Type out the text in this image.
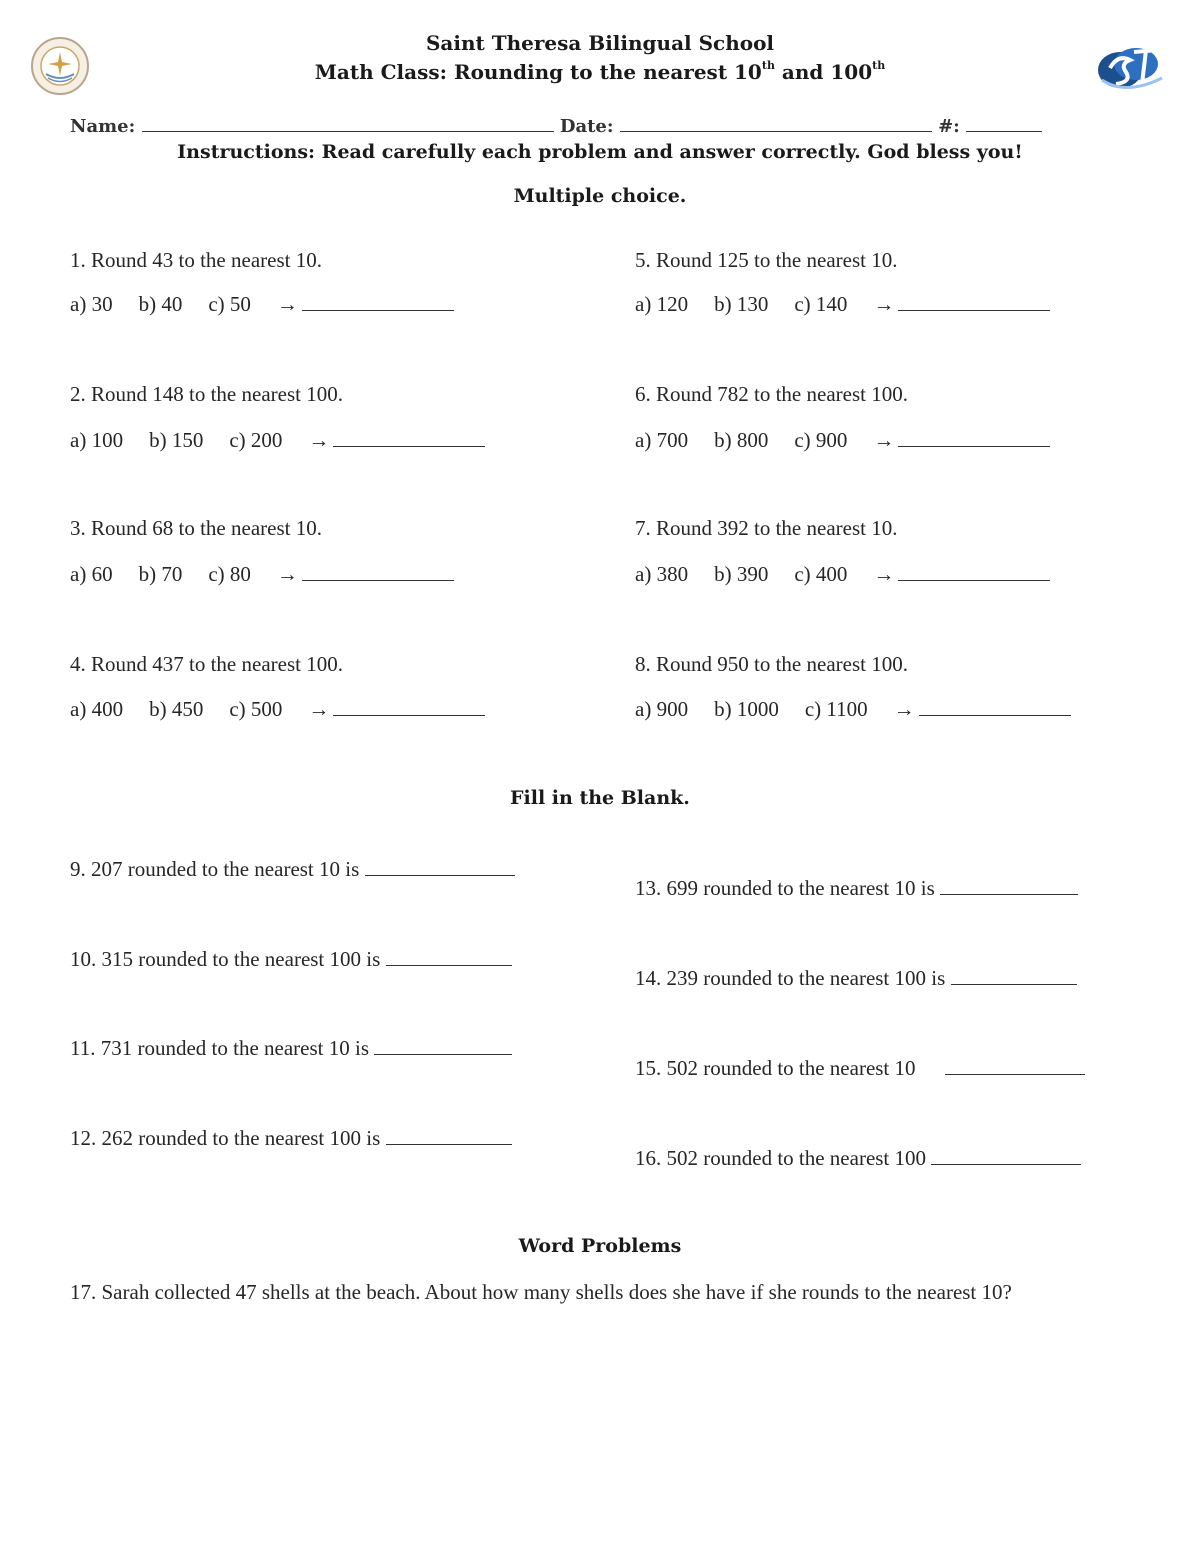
Saint Theresa Bilingual School
Math Class: Rounding to the nearest 10th and 100th
Name:	Date:	#:
Instructions: Read carefully each problem and answer correctly. God bless you!
Multiple choice.
1. Round 43 to the nearest 10.
a) 30 b) 40 c) 50 →
2. Round 148 to the nearest 100.
a) 100 b) 150 c) 200 →
3. Round 68 to the nearest 10.
a) 60 b) 70 c) 80 →
4. Round 437 to the nearest 100.
a) 400 b) 450 c) 500 →
5. Round 125 to the nearest 10.
a) 120 b) 130 c) 140 →
6. Round 782 to the nearest 100.
a) 700 b) 800 c) 900 →
7. Round 392 to the nearest 10.
a) 380 b) 390 c) 400 →
8. Round 950 to the nearest 100.
a) 900 b) 1000 c) 1100 →
Fill in the Blank.
9. 207 rounded to the nearest 10 is
10. 315 rounded to the nearest 100 is
11. 731 rounded to the nearest 10 is
12. 262 rounded to the nearest 100 is
13. 699 rounded to the nearest 10 is
14. 239 rounded to the nearest 100 is
15. 502 rounded to the nearest 10
16. 502 rounded to the nearest 100
Word Problems
17. Sarah collected 47 shells at the beach. About how many shells does she have if she rounds to the nearest 10?
